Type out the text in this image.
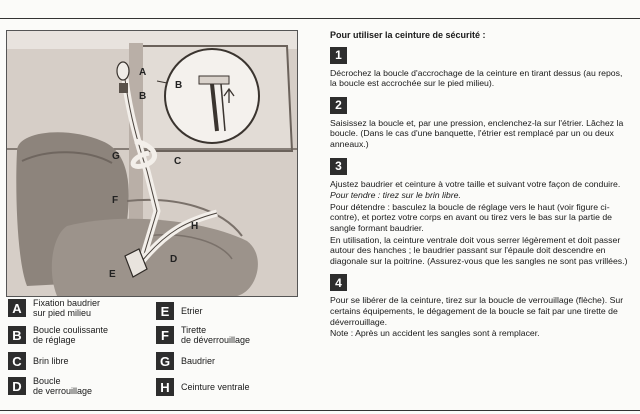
A
B
G	C
F
H
D
E
B
A	Fixation baudrier
sur pied milieu
B	Boucle coulissante
de réglage
C	Brin libre
D	Boucle
de verrouillage
E	Etrier
F	Tirette
de déverrouillage
G	Baudrier
H	Ceinture ventrale

Pour utiliser la ceinture de sécurité :

1

Décrochez la boucle d'accrochage de la ceinture en tirant dessus (au repos, la boucle est accrochée sur le pied milieu).

2

Saisissez la boucle et, par une pression, enclenchez-la sur l'étrier. Lâchez la boucle. (Dans le cas d'une banquette, l'étrier est remplacé par un ou deux anneaux.)

3

Ajustez baudrier et ceinture à votre taille et suivant votre façon de conduire.

Pour tendre : tirez sur le brin libre.

Pour détendre : basculez la boucle de réglage vers le haut (voir figure ci-contre), et portez votre corps en avant ou tirez vers le bas sur la partie de sangle formant baudrier.

En utilisation, la ceinture ventrale doit vous serrer légèrement et doit passer autour des hanches ; le baudrier passant sur l'épaule doit descendre en diagonale sur la poitrine. (Assurez-vous que les sangles ne sont pas vrillées.)

4

Pour se libérer de la ceinture, tirez sur la boucle de verrouillage (flèche). Sur certains équipements, le dégagement de la boucle se fait par une tirette de déverrouillage.

Note : Après un accident les sangles sont à remplacer.
